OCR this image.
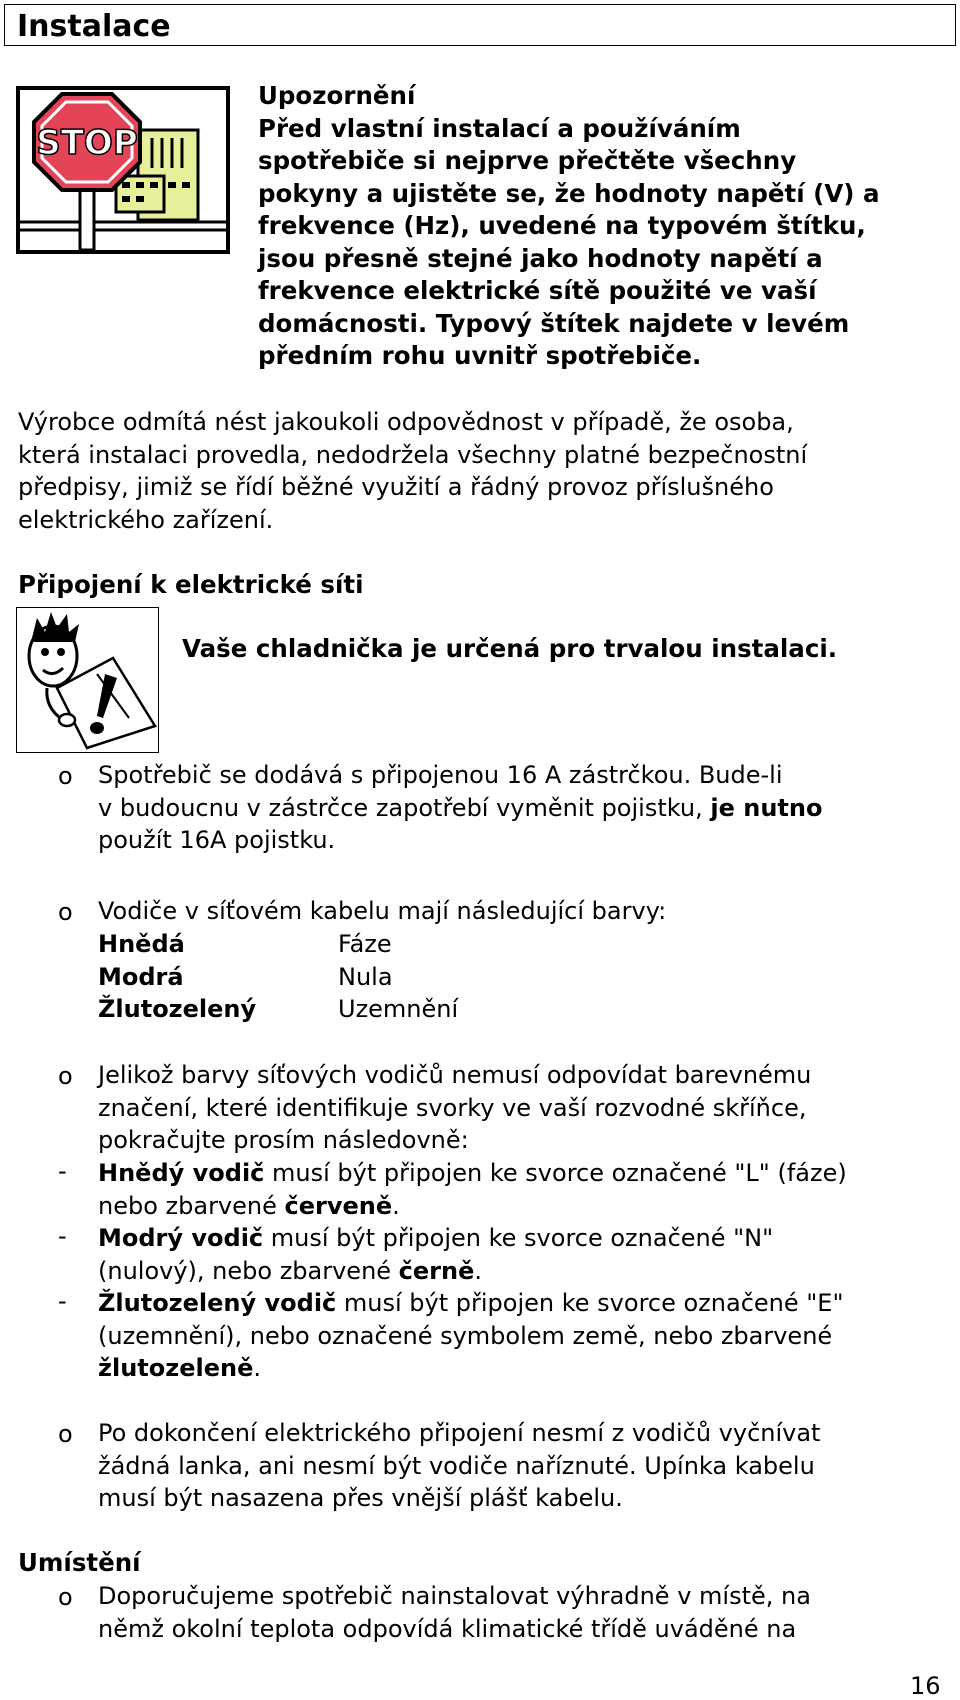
Instalace
STOP

Upozornění

Před vlastní instalací a používáním

spotřebiče si nejprve přečtěte všechny

pokyny a ujistěte se, že hodnoty napětí (V) a

frekvence (Hz), uvedené na typovém štítku,

jsou přesně stejné jako hodnoty napětí a

frekvence elektrické sítě použité ve vaší

domácnosti. Typový štítek najdete v levém

předním rohu uvnitř spotřebiče.

Výrobce odmítá nést jakoukoli odpovědnost v případě, že osoba,
která instalaci provedla, nedodržela všechny platné bezpečnostní
předpisy, jimiž se řídí běžné využití a řádný provoz příslušného
elektrického zařízení.
Připojení k elektrické síti
Vaše chladnička je určená pro trvalou instalaci.
o Spotřebič se dodává s připojenou 16 A zástrčkou. Bude-li
v budoucnu v zástrčce zapotřebí vyměnit pojistku, je nutno
použít 16A pojistku.
o Vodiče v síťovém kabelu mají následující barvy:
Hnědá	Fáze
Modrá	Nula
Žlutozelený	Uzemnění
o Jelikož barvy síťových vodičů nemusí odpovídat barevnému
značení, které identifikuje svorky ve vaší rozvodné skříňce,
pokračujte prosím následovně:
- Hnědý vodič musí být připojen ke svorce označené "L" (fáze)
nebo zbarvené červeně.
- Modrý vodič musí být připojen ke svorce označené "N"
(nulový), nebo zbarvené černě.
- Žlutozelený vodič musí být připojen ke svorce označené "E"
(uzemnění), nebo označené symbolem země, nebo zbarvené
žlutozeleně.
o Po dokončení elektrického připojení nesmí z vodičů vyčnívat
žádná lanka, ani nesmí být vodiče naříznuté. Upínka kabelu
musí být nasazena přes vnější plášť kabelu.
Umístění
o Doporučujeme spotřebič nainstalovat výhradně v místě, na
němž okolní teplota odpovídá klimatické třídě uváděné na
16
